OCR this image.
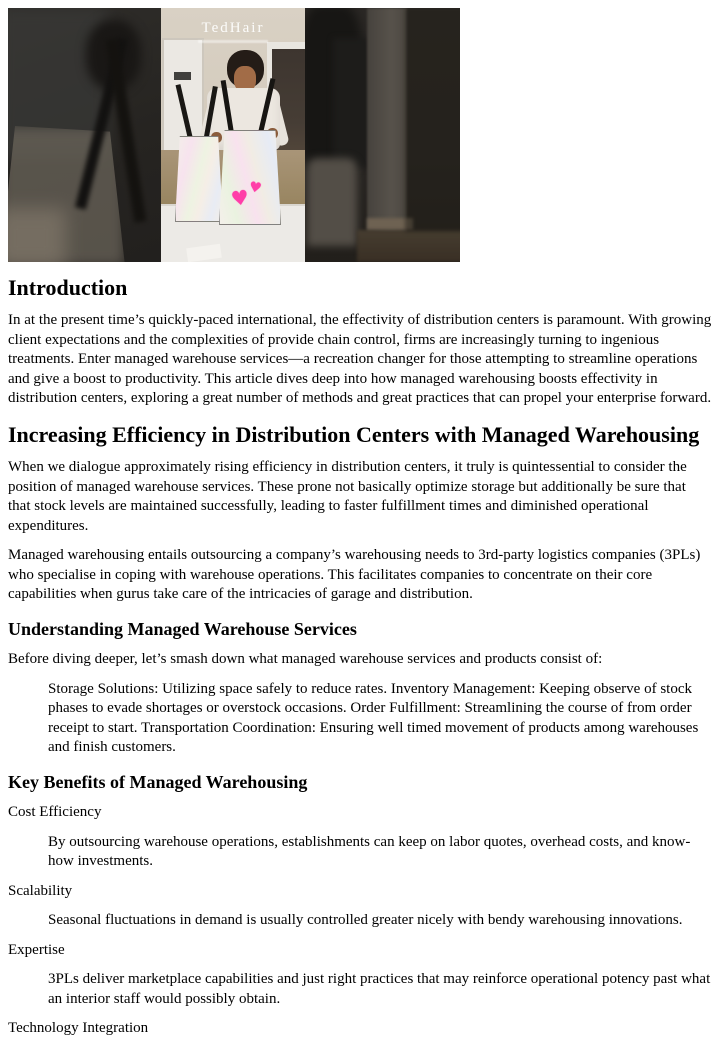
♥
♥
TedHair
Introduction

In at the present time’s quickly-paced international, the effectivity of distribution centers is paramount. With growing client expectations and the complexities of provide chain control, firms are increasingly turning to ingenious treatments. Enter managed warehouse services—a recreation changer for those attempting to streamline operations and give a boost to productivity. This article dives deep into how managed warehousing boosts effectivity in distribution centers, exploring a great number of methods and great practices that can propel your enterprise forward.

Increasing Efficiency in Distribution Centers with Managed Warehousing

When we dialogue approximately rising efficiency in distribution centers, it truly is quintessential to consider the position of managed warehouse services. These prone not basically optimize storage but additionally be sure that that stock levels are maintained successfully, leading to faster fulfillment times and diminished operational expenditures.

Managed warehousing entails outsourcing a company’s warehousing needs to 3rd-party logistics companies (3PLs) who specialise in coping with warehouse operations. This facilitates companies to concentrate on their core capabilities when gurus take care of the intricacies of garage and distribution.

Understanding Managed Warehouse Services

Before diving deeper, let’s smash down what managed warehouse services and products consist of:

Storage Solutions: Utilizing space safely to reduce rates. Inventory Management: Keeping observe of stock phases to evade shortages or overstock occasions. Order Fulfillment: Streamlining the course of from order receipt to start. Transportation Coordination: Ensuring well timed movement of products among warehouses and finish customers.
Key Benefits of Managed Warehousing

Cost Efficiency

By outsourcing warehouse operations, establishments can keep on labor quotes, overhead costs, and know-how investments.

Scalability

Seasonal fluctuations in demand is usually controlled greater nicely with bendy warehousing innovations.

Expertise

3PLs deliver marketplace capabilities and just right practices that may reinforce operational potency past what an interior staff would possibly obtain.

Technology Integration
